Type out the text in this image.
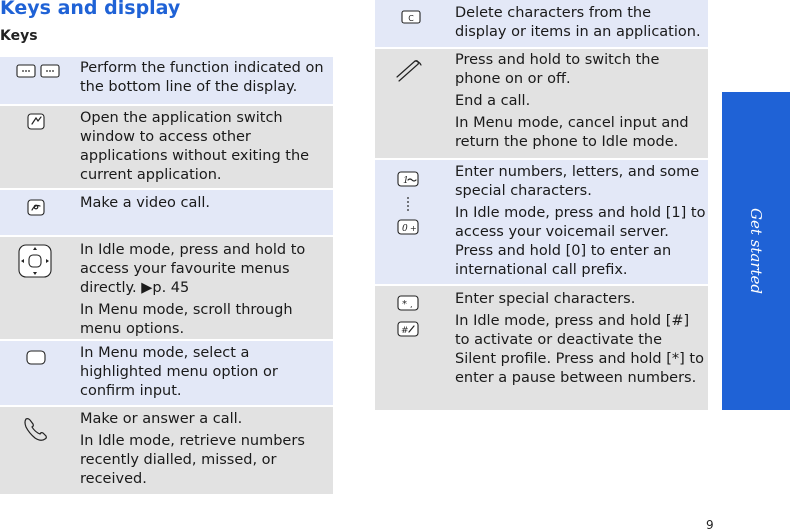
Keys and display
Keys

Perform the function indicated on the bottom line of the display.

Open the application switch window to access other applications without exiting the current application.

Make a video call.

In Idle mode, press and hold to access your favourite menus directly. ▶p. 45

In Menu mode, scroll through menu options.

In Menu mode, select a highlighted menu option or confirm input.

Make or answer a call.

In Idle mode, retrieve numbers recently dialled, missed, or received.

C	Delete characters from the display or items in an application.

Press and hold to switch the phone on or off.

End a call.

In Menu mode, cancel input and return the phone to Idle mode.

1
0 +

Enter numbers, letters, and some special characters.

In Idle mode, press and hold [1] to access your voicemail server. Press and hold [0] to enter an international call prefix.

* ,
#

Enter special characters.

In Idle mode, press and hold [#] to activate or deactivate the Silent profile. Press and hold [*] to enter a pause between numbers.

Get started
9
